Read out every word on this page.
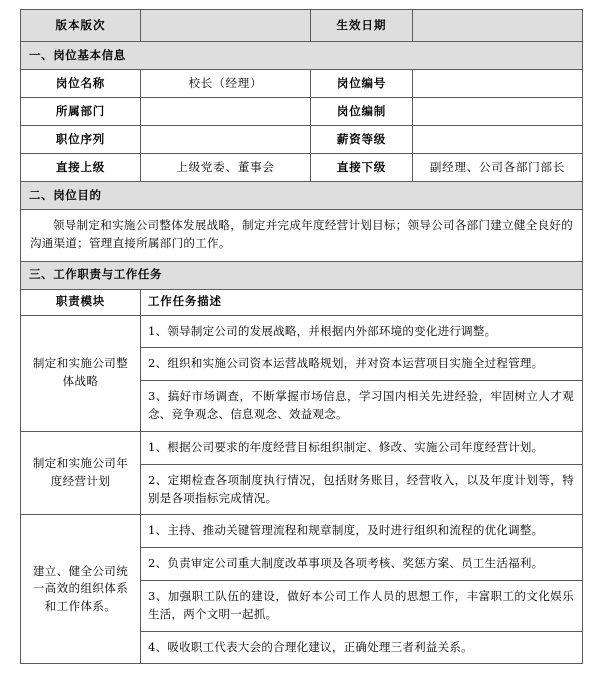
版本版次		生效日期	
一、岗位基本信息			
岗位名称	校长（经理）	岗位编号	
所属部门		岗位编制	
职位序列		薪资等级	
直接上级	上级党委、董事会	直接下级	副经理、公司各部门部长
二、岗位目的			

领导制定和实施公司整体发展战略，制定并完成年度经营计划目标；领导公司各部门建立健全良好的沟通渠道；管理直接所属部门的工作。			

三、工作职责与工作任务			
职责模块	工作任务描述		
制定和实施公司整体战略	1、领导制定公司的发展战略，并根据内外部环境的变化进行调整。		

	2、组织和实施公司资本运营战略规划，并对资本运营项目实施全过程管理。		

	3、搞好市场调查，不断掌握市场信息，学习国内相关先进经验，牢固树立人才观念、竞争观念、信息观念、效益观念。		

制定和实施公司年度经营计划	1、根据公司要求的年度经营目标组织制定、修改、实施公司年度经营计划。		

	2、定期检查各项制度执行情况，包括财务账目，经营收入，以及年度计划等，特别是各项指标完成情况。		

建立、健全公司统一高效的组织体系和工作体系。	1、主持、推动关键管理流程和规章制度，及时进行组织和流程的优化调整。		

	2、负责审定公司重大制度改革事项及各项考核、奖惩方案、员工生活福利。		

	3、加强职工队伍的建设，做好本公司工作人员的思想工作，丰富职工的文化娱乐生活，两个文明一起抓。		

	4、吸收职工代表大会的合理化建议，正确处理三者利益关系。		
